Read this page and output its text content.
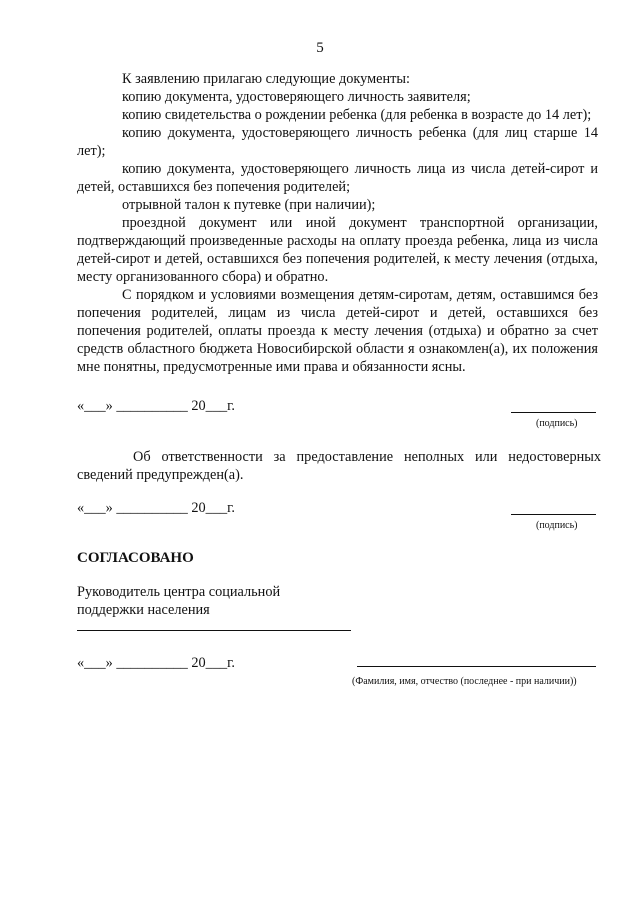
5

К заявлению прилагаю следующие документы:

копию документа, удостоверяющего личность заявителя;

копию свидетельства о рождении ребенка (для ребенка в возрасте до 14 лет);

копию документа, удостоверяющего личность ребенка (для лиц старше 14 лет);

копию документа, удостоверяющего личность лица из числа детей-сирот и детей, оставшихся без попечения родителей;

отрывной талон к путевке (при наличии);

проездной документ или иной документ транспортной организации, подтверждающий произведенные расходы на оплату проезда ребенка, лица из числа детей-сирот и детей, оставшихся без попечения родителей, к месту лечения (отдыха, месту организованного сбора) и обратно.

С порядком и условиями возмещения детям-сиротам, детям, оставшимся без попечения родителей, лицам из числа детей-сирот и детей, оставшихся без попечения родителей, оплаты проезда к месту лечения (отдыха) и обратно за счет средств областного бюджета Новосибирской области я ознакомлен(а), их положения мне понятны, предусмотренные ими права и обязанности ясны.

«___» __________ 20___г.
(подпись)

Об ответственности за предоставление неполных или недостоверных сведений предупрежден(а).

«___» __________ 20___г.
(подпись)
СОГЛАСОВАНО
Руководитель центра социальной
поддержки населения
«___» __________ 20___г.
(Фамилия, имя, отчество (последнее - при наличии))
